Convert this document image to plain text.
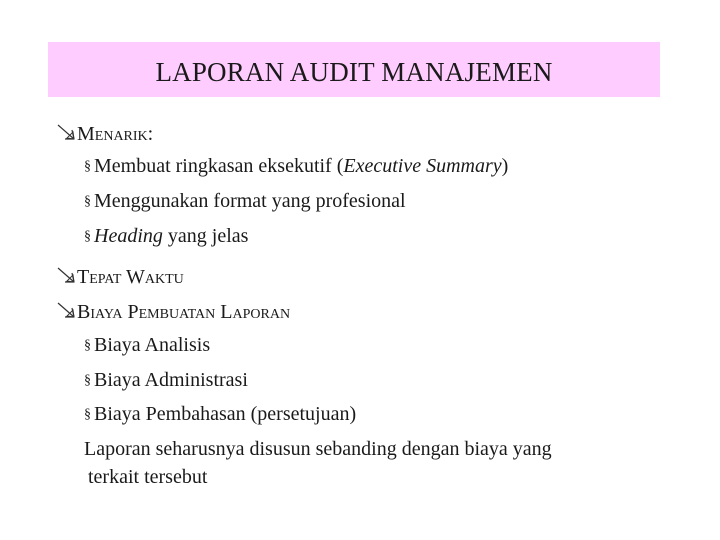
LAPORAN AUDIT MANAJEMEN
Menarik :
§ Membuat ringkasan eksekutif (Executive Summary)
§ Menggunakan format yang profesional
§ Heading yang jelas
Tepat Waktu
Biaya Pembuatan Laporan
§ Biaya Analisis
§ Biaya Administrasi
§ Biaya Pembahasan (persetujuan)
Laporan seharusnya disusun sebanding dengan biaya yang
terkait tersebut
